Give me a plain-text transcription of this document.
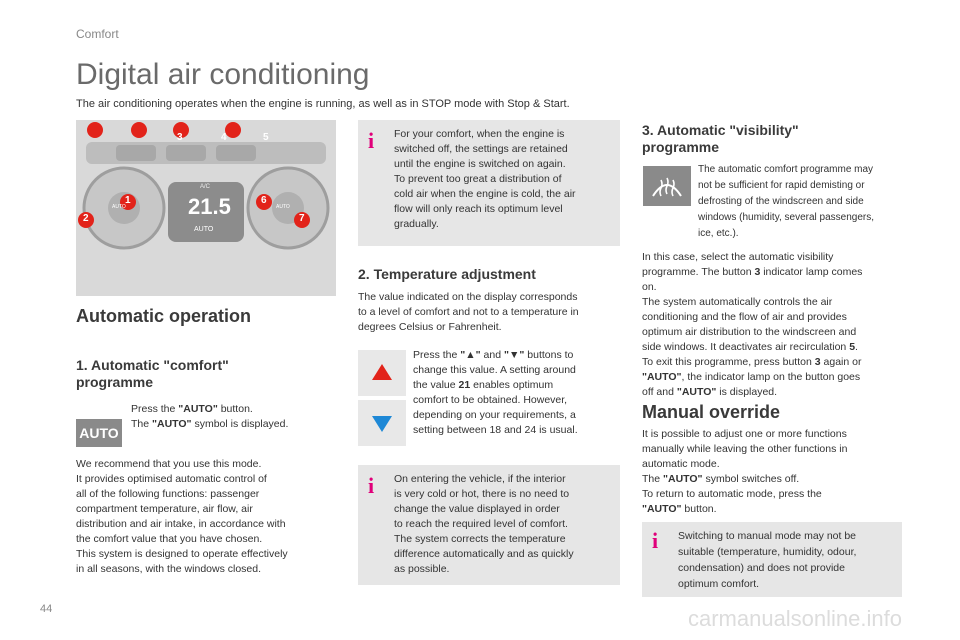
Comfort
Digital air conditioning
The air conditioning operates when the engine is running, as well as in STOP mode with Stop & Start.
3	4	5
1
2
6
7
AUTO	AUTO
A/C
21.5
AUTO
Automatic operation
1. Automatic "comfort"
programme
AUTO
Press the "AUTO" button.
The "AUTO" symbol is displayed.
We recommend that you use this mode.
It provides optimised automatic control of
all of the following functions: passenger
compartment temperature, air flow, air
distribution and air intake, in accordance with
the comfort value that you have chosen.
This system is designed to operate effectively
in all seasons, with the windows closed.
i For your comfort, when the engine is
switched off, the settings are retained
until the engine is switched on again.
To prevent too great a distribution of
cold air when the engine is cold, the air
flow will only reach its optimum level
gradually.
2. Temperature adjustment
The value indicated on the display corresponds
to a level of comfort and not to a temperature in
degrees Celsius or Fahrenheit.
Press the "▲" and "▼" buttons to
change this value. A setting around
the value 21 enables optimum
comfort to be obtained. However,
depending on your requirements, a
setting between 18 and 24 is usual.
i On entering the vehicle, if the interior
is very cold or hot, there is no need to
change the value displayed in order
to reach the required level of comfort.
The system corrects the temperature
difference automatically and as quickly
as possible.
3. Automatic "visibility"
programme
The automatic comfort programme may
not be sufficient for rapid demisting or
defrosting of the windscreen and side
windows (humidity, several passengers,
ice, etc.).
In this case, select the automatic visibility
programme. The button 3 indicator lamp comes
on.
The system automatically controls the air
conditioning and the flow of air and provides
optimum air distribution to the windscreen and
side windows. It deactivates air recirculation 5.
To exit this programme, press button 3 again or
"AUTO", the indicator lamp on the button goes
off and "AUTO" is displayed.
Manual override
It is possible to adjust one or more functions
manually while leaving the other functions in
automatic mode.
The "AUTO" symbol switches off.
To return to automatic mode, press the
"AUTO" button.
i Switching to manual mode may not be
suitable (temperature, humidity, odour,
condensation) and does not provide
optimum comfort.
44	carmanualsonline.info
